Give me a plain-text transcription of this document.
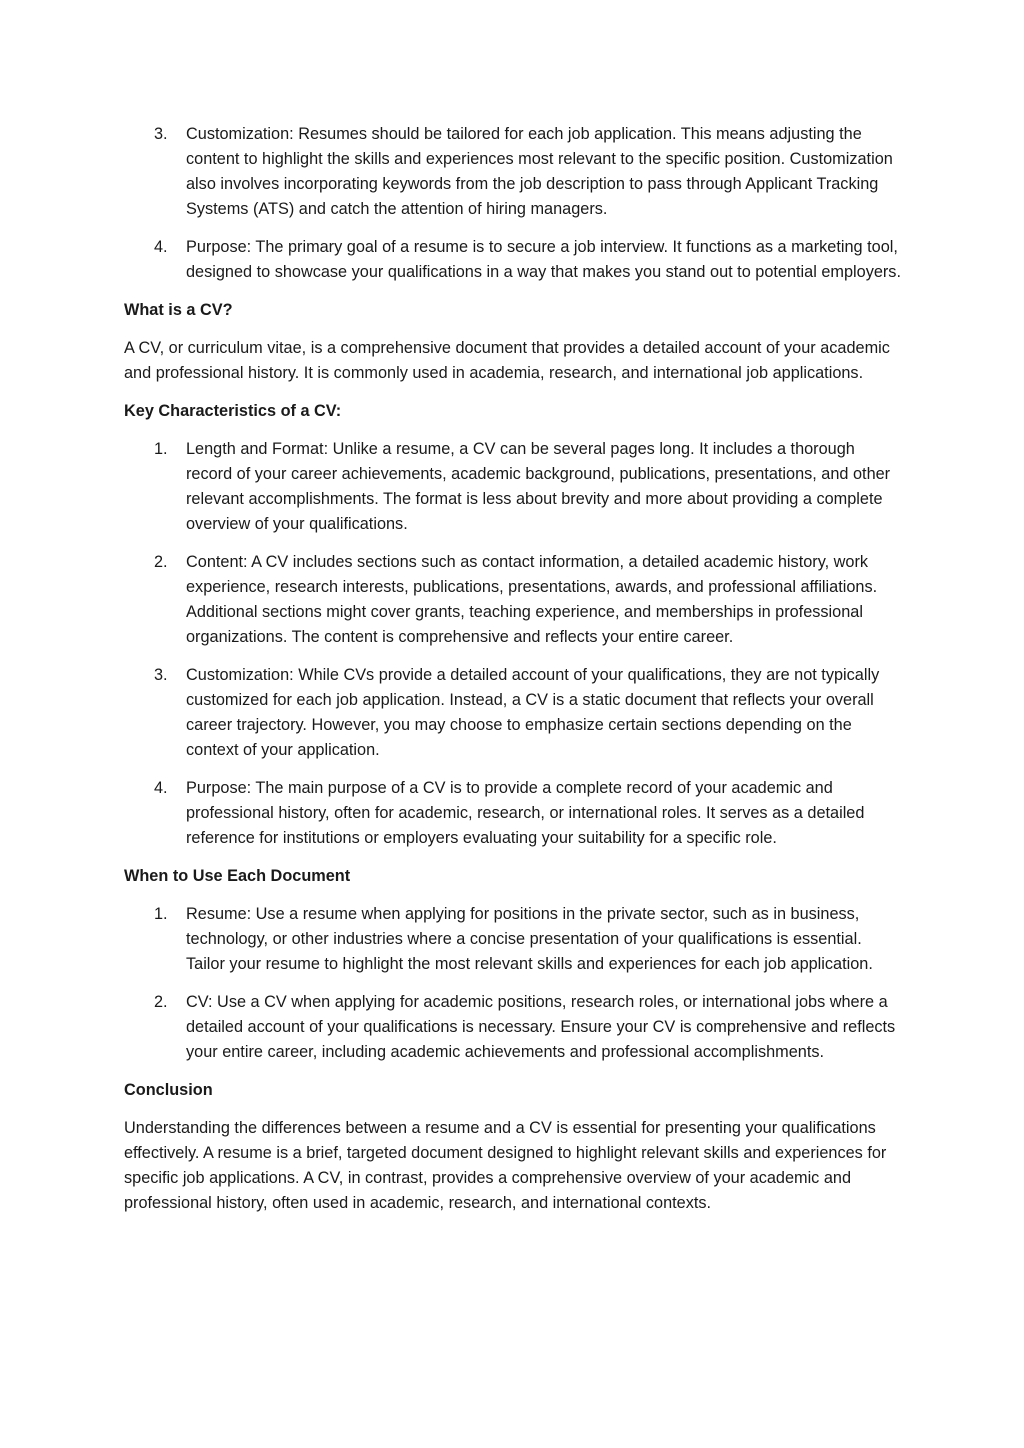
3. Customization: Resumes should be tailored for each job application. This means adjusting the content to highlight the skills and experiences most relevant to the specific position. Customization also involves incorporating keywords from the job description to pass through Applicant Tracking Systems (ATS) and catch the attention of hiring managers.
4. Purpose: The primary goal of a resume is to secure a job interview. It functions as a marketing tool, designed to showcase your qualifications in a way that makes you stand out to potential employers.
What is a CV?

A CV, or curriculum vitae, is a comprehensive document that provides a detailed account of your academic and professional history. It is commonly used in academia, research, and international job applications.

Key Characteristics of a CV:
1. Length and Format: Unlike a resume, a CV can be several pages long. It includes a thorough record of your career achievements, academic background, publications, presentations, and other relevant accomplishments. The format is less about brevity and more about providing a complete overview of your qualifications.
2. Content: A CV includes sections such as contact information, a detailed academic history, work experience, research interests, publications, presentations, awards, and professional affiliations. Additional sections might cover grants, teaching experience, and memberships in professional organizations. The content is comprehensive and reflects your entire career.
3. Customization: While CVs provide a detailed account of your qualifications, they are not typically customized for each job application. Instead, a CV is a static document that reflects your overall career trajectory. However, you may choose to emphasize certain sections depending on the context of your application.
4. Purpose: The main purpose of a CV is to provide a complete record of your academic and professional history, often for academic, research, or international roles. It serves as a detailed reference for institutions or employers evaluating your suitability for a specific role.
When to Use Each Document
1. Resume: Use a resume when applying for positions in the private sector, such as in business, technology, or other industries where a concise presentation of your qualifications is essential. Tailor your resume to highlight the most relevant skills and experiences for each job application.
2. CV: Use a CV when applying for academic positions, research roles, or international jobs where a detailed account of your qualifications is necessary. Ensure your CV is comprehensive and reflects your entire career, including academic achievements and professional accomplishments.
Conclusion

Understanding the differences between a resume and a CV is essential for presenting your qualifications effectively. A resume is a brief, targeted document designed to highlight relevant skills and experiences for specific job applications. A CV, in contrast, provides a comprehensive overview of your academic and professional history, often used in academic, research, and international contexts.
